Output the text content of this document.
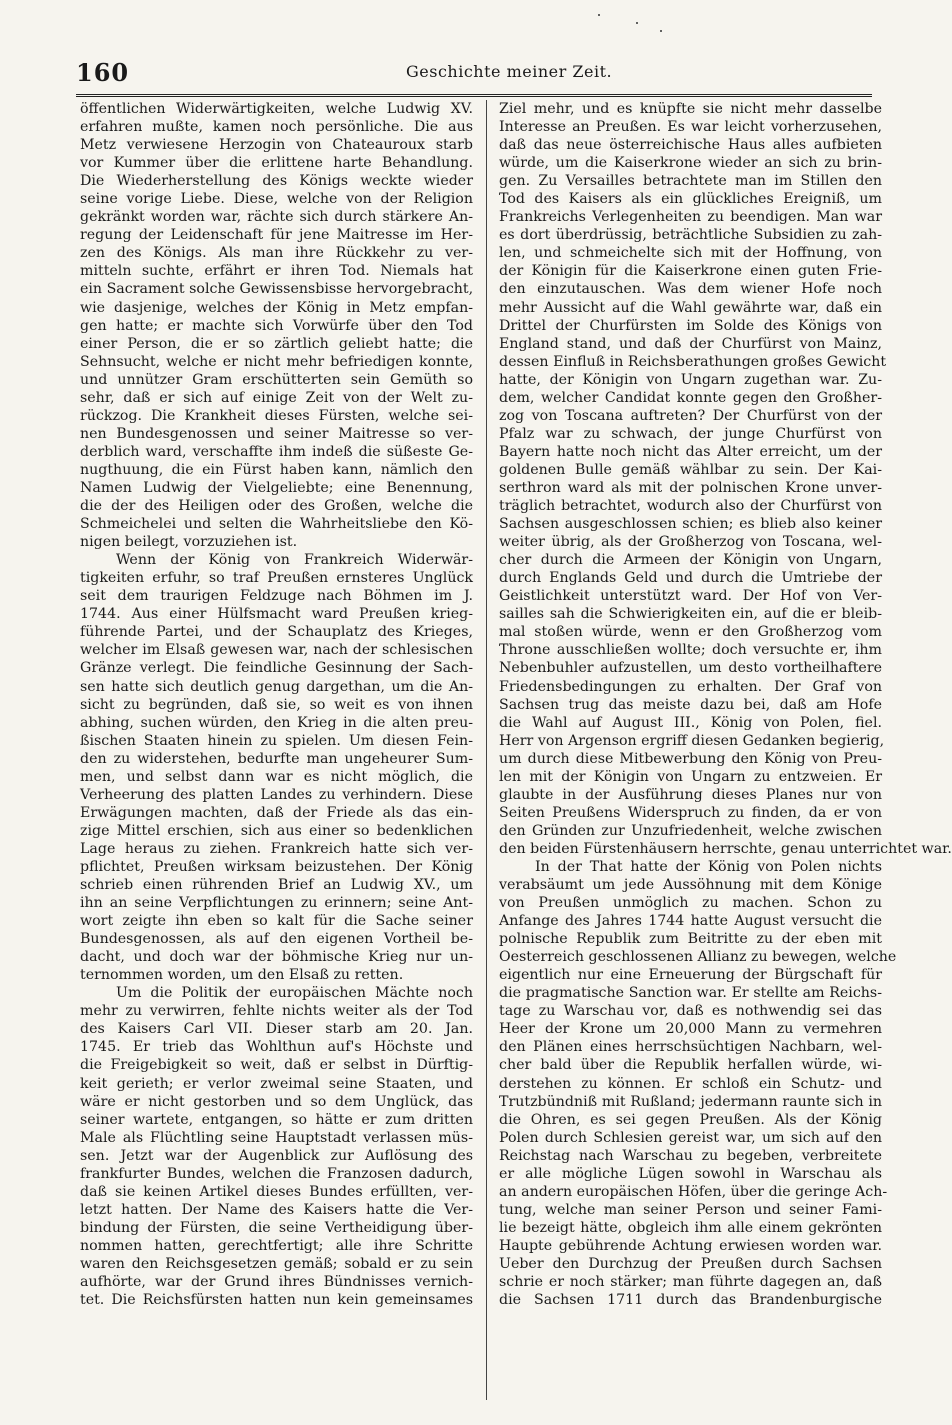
160	Geschichte meiner Zeit.
öffentlichen Widerwärtigkeiten, welche Ludwig XV.
erfahren mußte, kamen noch persönliche. Die aus
Metz verwiesene Herzogin von Chateauroux starb
vor Kummer über die erlittene harte Behandlung.
Die Wiederherstellung des Königs weckte wieder
seine vorige Liebe. Diese, welche von der Religion
gekränkt worden war, rächte sich durch stärkere An-
regung der Leidenschaft für jene Maitresse im Her-
zen des Königs. Als man ihre Rückkehr zu ver-
mitteln suchte, erfährt er ihren Tod. Niemals hat
ein Sacrament solche Gewissensbisse hervorgebracht,
wie dasjenige, welches der König in Metz empfan-
gen hatte; er machte sich Vorwürfe über den Tod
einer Person, die er so zärtlich geliebt hatte; die
Sehnsucht, welche er nicht mehr befriedigen konnte,
und unnützer Gram erschütterten sein Gemüth so
sehr, daß er sich auf einige Zeit von der Welt zu-
rückzog. Die Krankheit dieses Fürsten, welche sei-
nen Bundesgenossen und seiner Maitresse so ver-
derblich ward, verschaffte ihm indeß die süßeste Ge-
nugthuung, die ein Fürst haben kann, nämlich den
Namen Ludwig der Vielgeliebte; eine Benennung,
die der des Heiligen oder des Großen, welche die
Schmeichelei und selten die Wahrheitsliebe den Kö-
nigen beilegt, vorzuziehen ist.
Wenn der König von Frankreich Widerwär-
tigkeiten erfuhr, so traf Preußen ernsteres Unglück
seit dem traurigen Feldzuge nach Böhmen im J.
1744. Aus einer Hülfsmacht ward Preußen krieg-
führende Partei, und der Schauplatz des Krieges,
welcher im Elsaß gewesen war, nach der schlesischen
Gränze verlegt. Die feindliche Gesinnung der Sach-
sen hatte sich deutlich genug dargethan, um die An-
sicht zu begründen, daß sie, so weit es von ihnen
abhing, suchen würden, den Krieg in die alten preu-
ßischen Staaten hinein zu spielen. Um diesen Fein-
den zu widerstehen, bedurfte man ungeheurer Sum-
men, und selbst dann war es nicht möglich, die
Verheerung des platten Landes zu verhindern. Diese
Erwägungen machten, daß der Friede als das ein-
zige Mittel erschien, sich aus einer so bedenklichen
Lage heraus zu ziehen. Frankreich hatte sich ver-
pflichtet, Preußen wirksam beizustehen. Der König
schrieb einen rührenden Brief an Ludwig XV., um
ihn an seine Verpflichtungen zu erinnern; seine Ant-
wort zeigte ihn eben so kalt für die Sache seiner
Bundesgenossen, als auf den eigenen Vortheil be-
dacht, und doch war der böhmische Krieg nur un-
ternommen worden, um den Elsaß zu retten.
Um die Politik der europäischen Mächte noch
mehr zu verwirren, fehlte nichts weiter als der Tod
des Kaisers Carl VII. Dieser starb am 20. Jan.
1745. Er trieb das Wohlthun auf's Höchste und
die Freigebigkeit so weit, daß er selbst in Dürftig-
keit gerieth; er verlor zweimal seine Staaten, und
wäre er nicht gestorben und so dem Unglück, das
seiner wartete, entgangen, so hätte er zum dritten
Male als Flüchtling seine Hauptstadt verlassen müs-
sen. Jetzt war der Augenblick zur Auflösung des
frankfurter Bundes, welchen die Franzosen dadurch,
daß sie keinen Artikel dieses Bundes erfüllten, ver-
letzt hatten. Der Name des Kaisers hatte die Ver-
bindung der Fürsten, die seine Vertheidigung über-
nommen hatten, gerechtfertigt; alle ihre Schritte
waren den Reichsgesetzen gemäß; sobald er zu sein
aufhörte, war der Grund ihres Bündnisses vernich-
tet. Die Reichsfürsten hatten nun kein gemeinsames
Ziel mehr, und es knüpfte sie nicht mehr dasselbe
Interesse an Preußen. Es war leicht vorherzusehen,
daß das neue österreichische Haus alles aufbieten
würde, um die Kaiserkrone wieder an sich zu brin-
gen. Zu Versailles betrachtete man im Stillen den
Tod des Kaisers als ein glückliches Ereigniß, um
Frankreichs Verlegenheiten zu beendigen. Man war
es dort überdrüssig, beträchtliche Subsidien zu zah-
len, und schmeichelte sich mit der Hoffnung, von
der Königin für die Kaiserkrone einen guten Frie-
den einzutauschen. Was dem wiener Hofe noch
mehr Aussicht auf die Wahl gewährte war, daß ein
Drittel der Churfürsten im Solde des Königs von
England stand, und daß der Churfürst von Mainz,
dessen Einfluß in Reichsberathungen großes Gewicht
hatte, der Königin von Ungarn zugethan war. Zu-
dem, welcher Candidat konnte gegen den Großher-
zog von Toscana auftreten? Der Churfürst von der
Pfalz war zu schwach, der junge Churfürst von
Bayern hatte noch nicht das Alter erreicht, um der
goldenen Bulle gemäß wählbar zu sein. Der Kai-
serthron ward als mit der polnischen Krone unver-
träglich betrachtet, wodurch also der Churfürst von
Sachsen ausgeschlossen schien; es blieb also keiner
weiter übrig, als der Großherzog von Toscana, wel-
cher durch die Armeen der Königin von Ungarn,
durch Englands Geld und durch die Umtriebe der
Geistlichkeit unterstützt ward. Der Hof von Ver-
sailles sah die Schwierigkeiten ein, auf die er bleib-
mal stoßen würde, wenn er den Großherzog vom
Throne ausschließen wollte; doch versuchte er, ihm
Nebenbuhler aufzustellen, um desto vortheilhaftere
Friedensbedingungen zu erhalten. Der Graf von
Sachsen trug das meiste dazu bei, daß am Hofe
die Wahl auf August III., König von Polen, fiel.
Herr von Argenson ergriff diesen Gedanken begierig,
um durch diese Mitbewerbung den König von Preu-
len mit der Königin von Ungarn zu entzweien. Er
glaubte in der Ausführung dieses Planes nur von
Seiten Preußens Widerspruch zu finden, da er von
den Gründen zur Unzufriedenheit, welche zwischen
den beiden Fürstenhäusern herrschte, genau unterrichtet war.
In der That hatte der König von Polen nichts
verabsäumt um jede Aussöhnung mit dem Könige
von Preußen unmöglich zu machen. Schon zu
Anfange des Jahres 1744 hatte August versucht die
polnische Republik zum Beitritte zu der eben mit
Oesterreich geschlossenen Allianz zu bewegen, welche
eigentlich nur eine Erneuerung der Bürgschaft für
die pragmatische Sanction war. Er stellte am Reichs-
tage zu Warschau vor, daß es nothwendig sei das
Heer der Krone um 20,000 Mann zu vermehren
den Plänen eines herrschsüchtigen Nachbarn, wel-
cher bald über die Republik herfallen würde, wi-
derstehen zu können. Er schloß ein Schutz- und
Trutzbündniß mit Rußland; jedermann raunte sich in
die Ohren, es sei gegen Preußen. Als der König
Polen durch Schlesien gereist war, um sich auf den
Reichstag nach Warschau zu begeben, verbreitete
er alle mögliche Lügen sowohl in Warschau als
an andern europäischen Höfen, über die geringe Ach-
tung, welche man seiner Person und seiner Fami-
lie bezeigt hätte, obgleich ihm alle einem gekrönten
Haupte gebührende Achtung erwiesen worden war.
Ueber den Durchzug der Preußen durch Sachsen
schrie er noch stärker; man führte dagegen an, daß
die Sachsen 1711 durch das Brandenburgische
